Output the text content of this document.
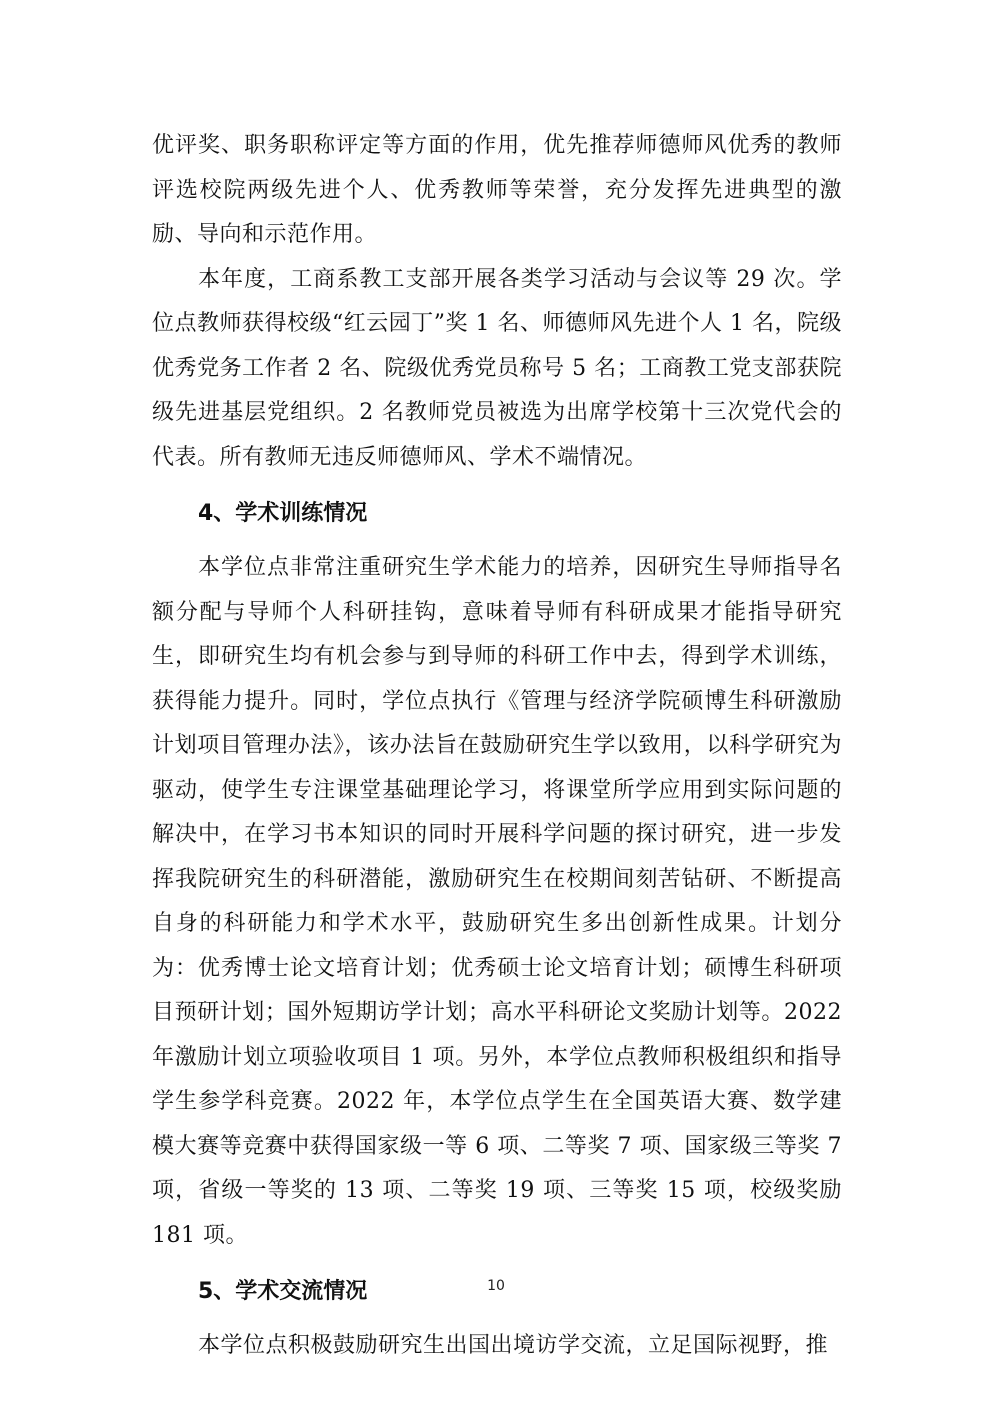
优评奖、职务职称评定等方面的作用，优先推荐师德师风优秀的教师评选校院两级先进个人、优秀教师等荣誉，充分发挥先进典型的激励、导向和示范作用。

本年度，工商系教工支部开展各类学习活动与会议等 29 次。学位点教师获得校级“红云园丁”奖 1 名、师德师风先进个人 1 名，院级优秀党务工作者 2 名、院级优秀党员称号 5 名；工商教工党支部获院级先进基层党组织。2 名教师党员被选为出席学校第十三次党代会的代表。所有教师无违反师德师风、学术不端情况。

4、学术训练情况

本学位点非常注重研究生学术能力的培养，因研究生导师指导名额分配与导师个人科研挂钩，意味着导师有科研成果才能指导研究生，即研究生均有机会参与到导师的科研工作中去，得到学术训练，获得能力提升。同时，学位点执行《管理与经济学院硕博生科研激励计划项目管理办法》，该办法旨在鼓励研究生学以致用，以科学研究为驱动，使学生专注课堂基础理论学习，将课堂所学应用到实际问题的解决中，在学习书本知识的同时开展科学问题的探讨研究，进一步发挥我院研究生的科研潜能，激励研究生在校期间刻苦钻研、不断提高自身的科研能力和学术水平，鼓励研究生多出创新性成果。计划分为：优秀博士论文培育计划；优秀硕士论文培育计划；硕博生科研项目预研计划；国外短期访学计划；高水平科研论文奖励计划等。2022 年激励计划立项验收项目 1 项。另外，本学位点教师积极组织和指导学生参学科竞赛。2022 年，本学位点学生在全国英语大赛、数学建模大赛等竞赛中获得国家级一等 6 项、二等奖 7 项、国家级三等奖 7 项，省级一等奖的 13 项、二等奖 19 项、三等奖 15 项，校级奖励 181 项。

5、学术交流情况

本学位点积极鼓励研究生出国出境访学交流，立足国际视野，推

10
